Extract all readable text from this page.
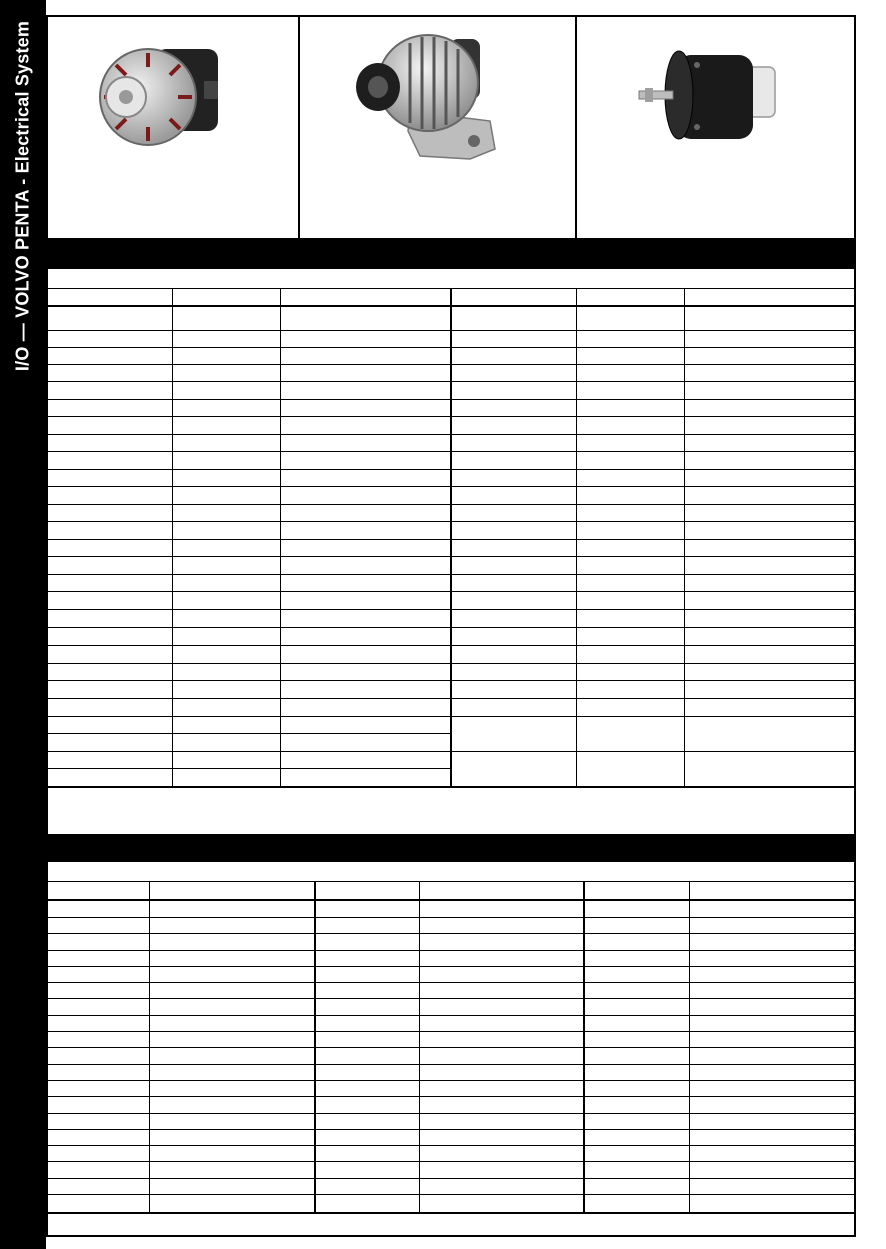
I/O — VOLVO PENTA - Electrical System
